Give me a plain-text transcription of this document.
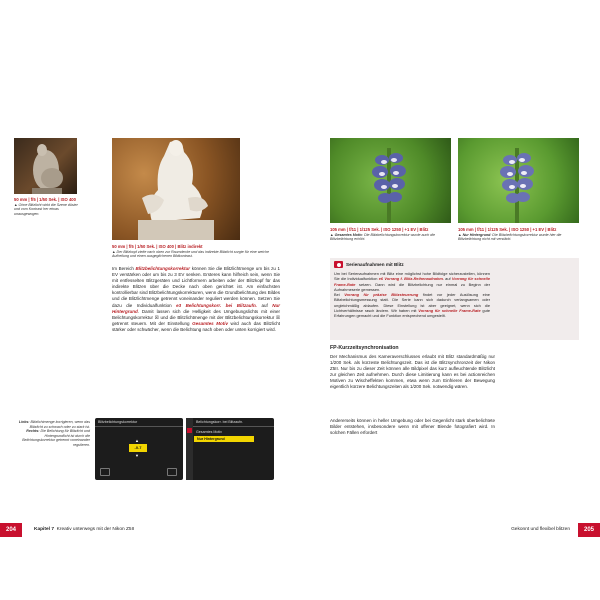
50 mm | f/5 | 1/50 Sek. | ISO 400
▲ Ohne Blitzlicht wirkt die Szene düster und vom Kontrast her etwas unausgewogen.
50 mm | f/5 | 1/50 Sek. | ISO 400 | Blitz indirekt
▲ Der Blitzkopf zielte nach oben zur Raumdecke und das indirekte Blitzlicht sorgte für eine weiche Aufhellung und einen ausgeglichenen Bildkontrast.
Im Bereich Blitzbelichtungskorrektur können Sie die Blitzlichtmenge um bis zu 1 EV verstärken oder um bis zu 3 EV senken. Ersteres kann hilfreich sein, wenn Sie mit entfesselten Blitzgeräten und Lichtformern arbeiten oder der Blitzkopf für das indirekte Blitzen über die Decke nach oben gerichtet ist. Am einfachsten kontrollierbar sind Blitzbelichtungskorrekturen, wenn die Grundbelichtung des Bildes und die Blitzlichtmenge getrennt voneinander reguliert werden können. Setzen Sie dazu die Individualfunktion e3 Belichtungskorr. bei Blitzaufn. auf Nur Hintergrund. Damit lassen sich die Helligkeit des Umgebungslichts mit einer Belichtungskorrektur ☒ und die Blitzlichtmenge mit der Blitzbelichtungskorrektur ☒ getrennt steuern. Mit der Einstellung Gesamtes Motiv wird auch das Blitzlicht stärker oder schwächer, wenn die Belichtung nach oben oder unten korrigiert wird.
Links: Blitzlichtmenge korrigieren, wenn das Blitzlicht zu schwach oder zu stark ist.
Rechts: Die Belichtung für Blitzlicht und Hintergrundlicht ist durch die Belichtungskorrektur getrennt voneinander regulieren.
Blitzbelichtungskorrektur
-0.7
▲
▼
Belichtungskorr. bei Blitzaufn.
Gesamtes Motiv
Nur Hintergrund
204	Kapitel 7 Kreativ unterwegs mit der Nikon Z5II
105 mm | f/11 | 1/125 Sek. | ISO 1250 | +1 EV | Blitz
▲ Gesamtes Motiv: Die Blitzbelichtungskorrektur wurde auch die Blitzbelichtung erhöht.
105 mm | f/11 | 1/125 Sek. | ISO 1250 | +1 EV | Blitz
▲ Nur Hintergrund: Die Blitzbelichtungskorrektur wurde hier die Blitzbelichtung nicht mit verstärkt.
Serienaufnahmen mit Blitz
Um bei Serienaufnahmen mit Blitz eine möglichst hohe Bildfolge sicherzustellen, können Sie die Individualfunktion e6 Vorrang f. Blitz-Reihenaufnahm. auf Vorrang für schnelle Frame-Rate setzen. Dann wird die Blitzbelichtung nur einmal zu Beginn der Aufnahmeserie gemessen.
Bei Vorrang für präzise Blitzsteuerung findet vor jeder Auslösung eine Blitzbelichtungsmessung statt. Die Serie kann sich dadurch verlangsamen oder ungleichmäßig ablaufen. Diese Einstellung ist aber geeignet, wenn sich die Lichtverhältnisse rasch ändern. Wir haben mit Vorrang für schnelle Frame-Rate gute Erfahrungen gemacht und die Funktion entsprechend umgestellt.
FP-Kurzzeitsynchronisation
Der Mechanismus des Kameraverschlusses erlaubt mit Blitz standardmäßig nur 1/200 Sek. als kürzeste Belichtungszeit. Das ist die Blitzsynchronzeit der Nikon Z5II. Nur bis zu dieser Zeit können alle Bildpixel das kurz aufleuchtende Blitzlicht zur gleichen Zeit aufnehmen. Durch diese Limitierung kann es bei actionreichen Motiven zu Wischeffekten kommen, etwa wenn zum Einfrieren der Bewegung eigentlich kürzere Belichtungszeiten als 1/200 Sek. notwendig wären.
Andererseits können in heller Umgebung oder bei Gegenlicht stark überbelichtete Bilder entstehen, insbesondere wenn mit offener Blende fotografiert wird. In solchen Fällen erfordert
Gekonnt und flexibel blitzen	205
